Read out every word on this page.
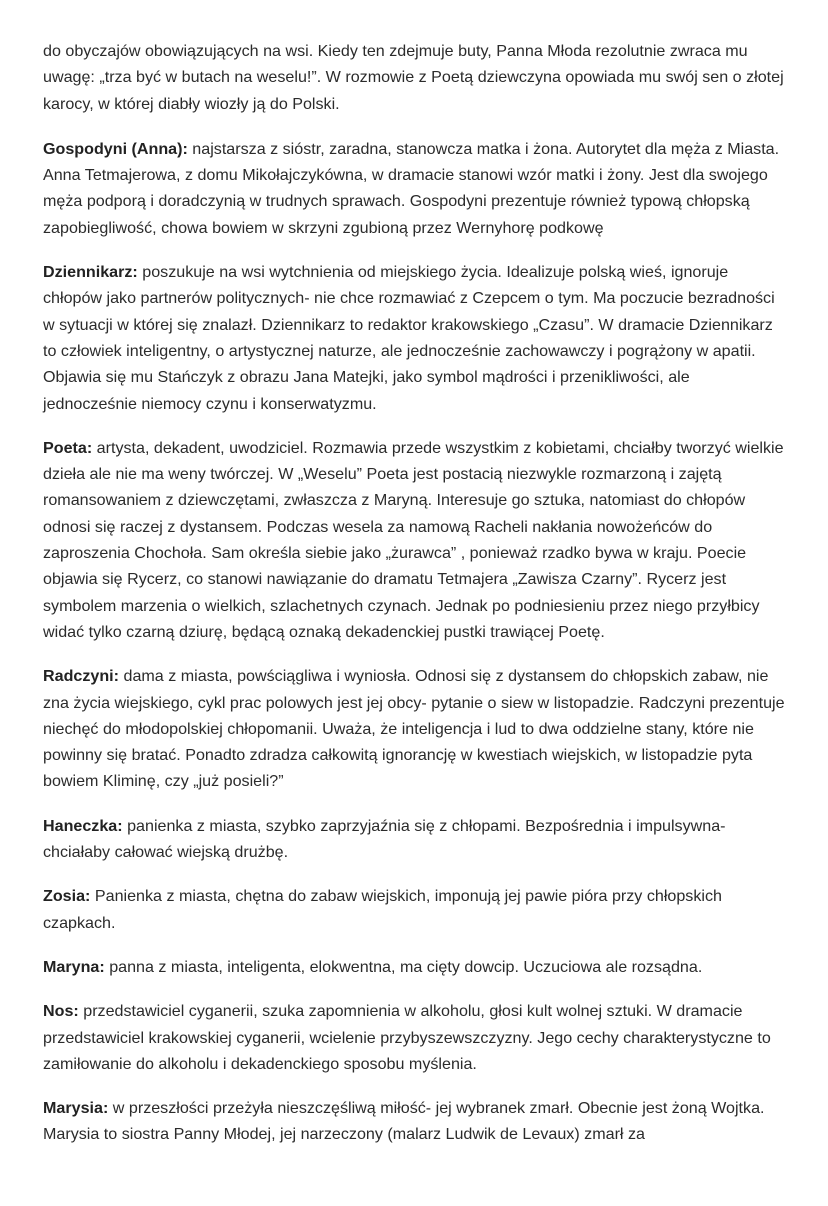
do obyczajów obowiązujących na wsi. Kiedy ten zdejmuje buty, Panna Młoda rezolutnie zwraca mu uwagę: „trza być w butach na weselu!”. W rozmowie z Poetą dziewczyna opowiada mu swój sen o złotej karocy, w której diabły wiozły ją do Polski.

Gospodyni (Anna): najstarsza z sióstr, zaradna, stanowcza matka i żona. Autorytet dla męża z Miasta. Anna Tetmajerowa, z domu Mikołajczykówna, w dramacie stanowi wzór matki i żony. Jest dla swojego męża podporą i doradczynią w trudnych sprawach. Gospodyni prezentuje również typową chłopską zapobiegliwość, chowa bowiem w skrzyni zgubioną przez Wernyhorę podkowę

Dziennikarz: poszukuje na wsi wytchnienia od miejskiego życia. Idealizuje polską wieś, ignoruje chłopów jako partnerów politycznych- nie chce rozmawiać z Czepcem o tym. Ma poczucie bezradności w sytuacji w której się znalazł. Dziennikarz to redaktor krakowskiego „Czasu”. W dramacie Dziennikarz to człowiek inteligentny, o artystycznej naturze, ale jednocześnie zachowawczy i pogrążony w apatii. Objawia się mu Stańczyk z obrazu Jana Matejki, jako symbol mądrości i przenikliwości, ale jednocześnie niemocy czynu i konserwatyzmu.

Poeta: artysta, dekadent, uwodziciel. Rozmawia przede wszystkim z kobietami, chciałby tworzyć wielkie dzieła ale nie ma weny twórczej. W „Weselu” Poeta jest postacią niezwykle rozmarzoną i zajętą romansowaniem z dziewczętami, zwłaszcza z Maryną. Interesuje go sztuka, natomiast do chłopów odnosi się raczej z dystansem. Podczas wesela za namową Racheli nakłania nowożeńców do zaproszenia Chochoła. Sam określa siebie jako „żurawca” , ponieważ rzadko bywa w kraju. Poecie objawia się Rycerz, co stanowi nawiązanie do dramatu Tetmajera „Zawisza Czarny”. Rycerz jest symbolem marzenia o wielkich, szlachetnych czynach. Jednak po podniesieniu przez niego przyłbicy widać tylko czarną dziurę, będącą oznaką dekadenckiej pustki trawiącej Poetę.

Radczyni: dama z miasta, powściągliwa i wyniosła. Odnosi się z dystansem do chłopskich zabaw, nie zna życia wiejskiego, cykl prac polowych jest jej obcy- pytanie o siew w listopadzie. Radczyni prezentuje niechęć do młodopolskiej chłopomanii. Uważa, że inteligencja i lud to dwa oddzielne stany, które nie powinny się bratać. Ponadto zdradza całkowitą ignorancję w kwestiach wiejskich, w listopadzie pyta bowiem Kliminę, czy „już posieli?”

Haneczka: panienka z miasta, szybko zaprzyjaźnia się z chłopami. Bezpośrednia i impulsywna- chciałaby całować wiejską drużbę.

Zosia: Panienka z miasta, chętna do zabaw wiejskich, imponują jej pawie pióra przy chłopskich czapkach.

Maryna: panna z miasta, inteligenta, elokwentna, ma cięty dowcip. Uczuciowa ale rozsądna.

Nos: przedstawiciel cyganerii, szuka zapomnienia w alkoholu, głosi kult wolnej sztuki. W dramacie przedstawiciel krakowskiej cyganerii, wcielenie przybyszewszczyzny. Jego cechy charakterystyczne to zamiłowanie do alkoholu i dekadenckiego sposobu myślenia.

Marysia: w przeszłości przeżyła nieszczęśliwą miłość- jej wybranek zmarł. Obecnie jest żoną Wojtka. Marysia to siostra Panny Młodej, jej narzeczony (malarz Ludwik de Levaux) zmarł za
